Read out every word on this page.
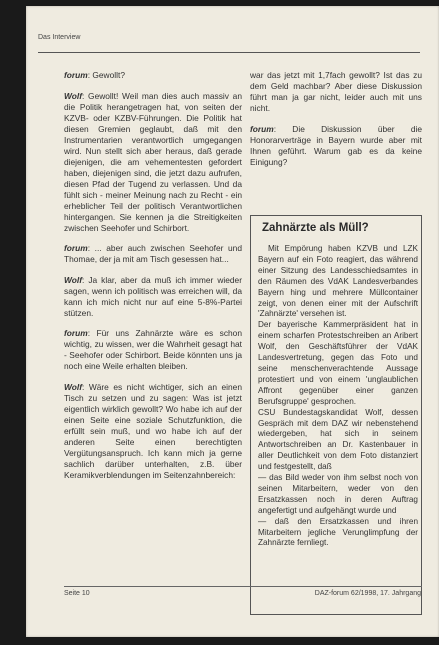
Das Interview

forum: Gewollt?

Wolf: Gewollt! Weil man dies auch massiv an die Politik herangetragen hat, von seiten der KZVB- oder KZBV-Führungen. Die Politik hat diesen Gremien geglaubt, daß mit den Instrumentarien verantwortlich umgegangen wird. Nun stellt sich aber heraus, daß gerade diejenigen, die am vehementesten gefordert haben, diejenigen sind, die jetzt dazu aufrufen, diesen Pfad der Tugend zu verlassen. Und da fühlt sich - meiner Meinung nach zu Recht - ein erheblicher Teil der politisch Verantwortlichen hintergangen. Sie kennen ja die Streitigkeiten zwischen Seehofer und Schirbort.

forum: ... aber auch zwischen Seehofer und Thomae, der ja mit am Tisch gesessen hat...

Wolf: Ja klar, aber da muß ich immer wieder sagen, wenn ich politisch was erreichen will, da kann ich mich nicht nur auf eine 5-8%-Partei stützen.

forum: Für uns Zahnärzte wäre es schon wichtig, zu wissen, wer die Wahrheit gesagt hat - Seehofer oder Schirbort. Beide könnten uns ja noch eine Weile erhalten bleiben.

Wolf: Wäre es nicht wichtiger, sich an einen Tisch zu setzen und zu sagen: Was ist jetzt eigentlich wirklich gewollt? Wo habe ich auf der einen Seite eine soziale Schutzfunktion, die erfüllt sein muß, und wo habe ich auf der anderen Seite einen berechtigten Vergütungsanspruch. Ich kann mich ja gerne sachlich darüber unterhalten, z.B. über Keramikverblendungen im Seitenzahnbereich:

war das jetzt mit 1,7fach gewollt? Ist das zu dem Geld machbar? Aber diese Diskussion führt man ja gar nicht, leider auch mit uns nicht.

forum: Die Diskussion über die Honorarverträge in Bayern wurde aber mit Ihnen geführt. Warum gab es da keine Einigung?

Zahnärzte als Müll?

Mit Empörung haben KZVB und LZK Bayern auf ein Foto reagiert, das während einer Sitzung des Landesschiedsamtes in den Räumen des VdAK Landesverbandes Bayern hing und mehrere Müllcontainer zeigt, von denen einer mit der Aufschrift 'Zahnärzte' versehen ist.

Der bayerische Kammerpräsident hat in einem scharfen Protestschreiben an Aribert Wolf, den Geschäftsführer der VdAK Landesvertretung, gegen das Foto und seine menschenverachtende Aussage protestiert und von einem 'unglaublichen Affront gegenüber einer ganzen Berufsgruppe' gesprochen.

CSU Bundestagskandidat Wolf, dessen Gespräch mit dem DAZ wir nebenstehend wiedergeben, hat sich in seinem Antwortschreiben an Dr. Kastenbauer in aller Deutlichkeit von dem Foto distanziert und festgestellt, daß

— das Bild weder von ihm selbst noch von seinen Mitarbeitern, weder von den Ersatzkassen noch in deren Auftrag angefertigt und aufgehängt wurde und

— daß den Ersatzkassen und ihren Mitarbeitern jegliche Verunglimpfung der Zahnärzte fernliegt.

Seite 10	DAZ-forum 62/1998, 17. Jahrgang
